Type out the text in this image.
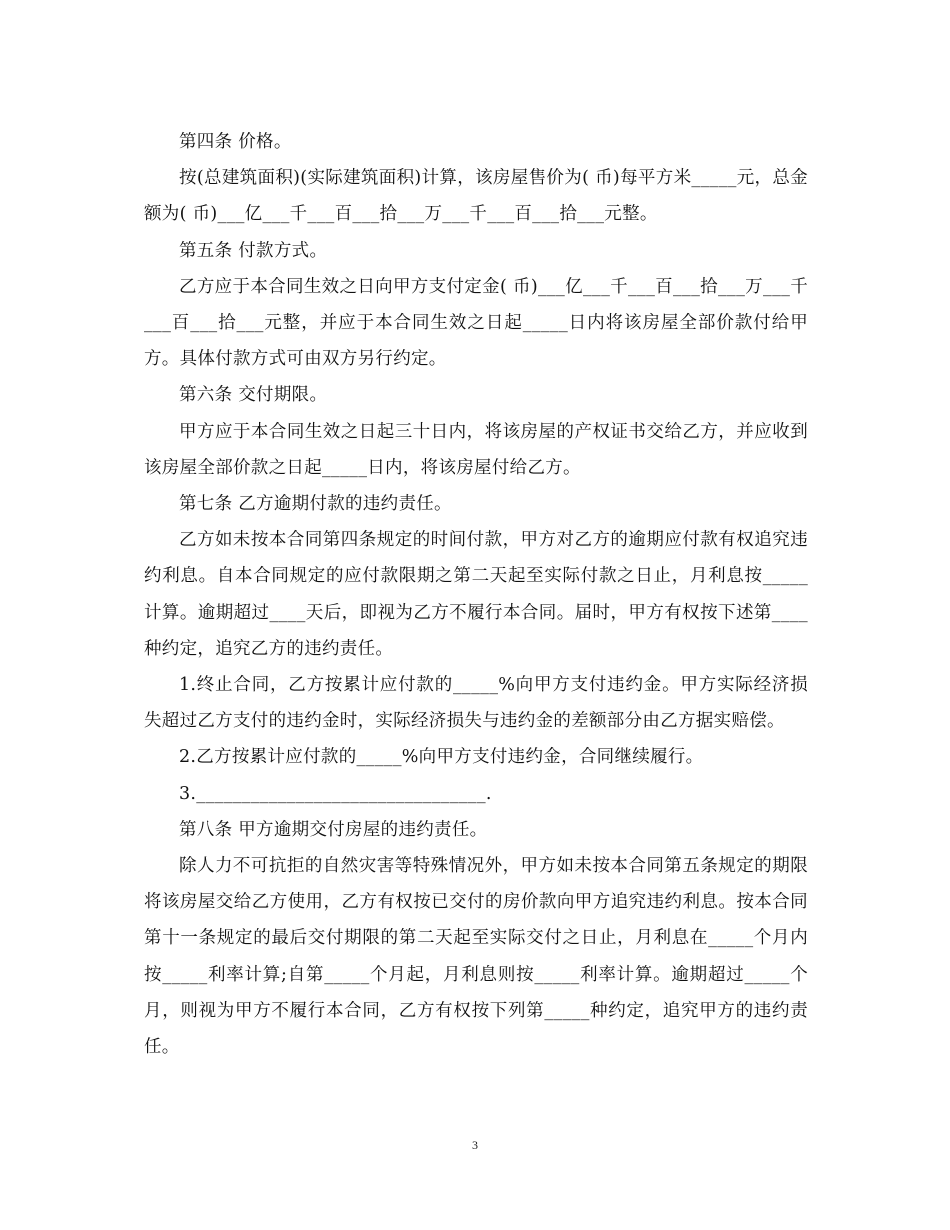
第四条 价格。

按(总建筑面积)(实际建筑面积)计算，该房屋售价为( 币)每平方米_____元，总金额为( 币)___亿___千___百___拾___万___千___百___拾___元整。

第五条 付款方式。

乙方应于本合同生效之日向甲方支付定金( 币)___亿___千___百___拾___万___千___百___拾___元整，并应于本合同生效之日起_____日内将该房屋全部价款付给甲方。具体付款方式可由双方另行约定。

第六条 交付期限。

甲方应于本合同生效之日起三十日内，将该房屋的产权证书交给乙方，并应收到该房屋全部价款之日起_____日内，将该房屋付给乙方。

第七条 乙方逾期付款的违约责任。

乙方如未按本合同第四条规定的时间付款，甲方对乙方的逾期应付款有权追究违约利息。自本合同规定的应付款限期之第二天起至实际付款之日止，月利息按_____计算。逾期超过____天后，即视为乙方不履行本合同。届时，甲方有权按下述第____种约定，追究乙方的违约责任。

1.终止合同，乙方按累计应付款的_____%向甲方支付违约金。甲方实际经济损失超过乙方支付的违约金时，实际经济损失与违约金的差额部分由乙方据实赔偿。

2.乙方按累计应付款的_____%向甲方支付违约金，合同继续履行。

3.________________________________.

第八条 甲方逾期交付房屋的违约责任。

除人力不可抗拒的自然灾害等特殊情况外，甲方如未按本合同第五条规定的期限将该房屋交给乙方使用，乙方有权按已交付的房价款向甲方追究违约利息。按本合同第十一条规定的最后交付期限的第二天起至实际交付之日止，月利息在_____个月内按_____利率计算;自第_____个月起，月利息则按_____利率计算。逾期超过_____个月，则视为甲方不履行本合同，乙方有权按下列第_____种约定，追究甲方的违约责任。

3
